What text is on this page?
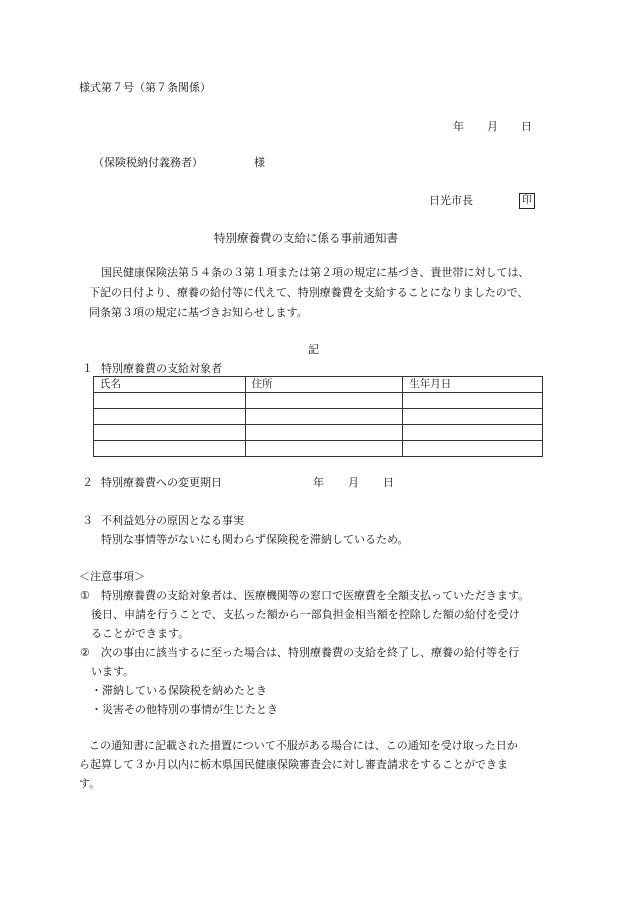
様式第７号（第７条関係）
年 月 日
（保険税納付義務者）	様
日光市長	印
特別療養費の支給に係る事前通知書
国民健康保険法第５４条の３第１項または第２項の規定に基づき、貴世帯に対しては、
下記の日付より、療養の給付等に代えて、特別療養費を支給することになりましたので、
同条第３項の規定に基づきお知らせします。
記
１ 特別療養費の支給対象者
氏名	住所	生年月日

２ 特別療養費への変更期日	年 月 日
３ 不利益処分の原因となる事実
特別な事情等がないにも関わらず保険税を滞納しているため。
＜注意事項＞
① 特別療養費の支給対象者は、医療機関等の窓口で医療費を全額支払っていただきます。
後日、申請を行うことで、支払った額から一部負担金相当額を控除した額の給付を受け
ることができます。
② 次の事由に該当するに至った場合は、特別療養費の支給を終了し、療養の給付等を行
います。
・滞納している保険税を納めたとき
・災害その他特別の事情が生じたとき
この通知書に記載された措置について不服がある場合には、この通知を受け取った日か
ら起算して３か月以内に栃木県国民健康保険審査会に対し審査請求をすることができま
す。
